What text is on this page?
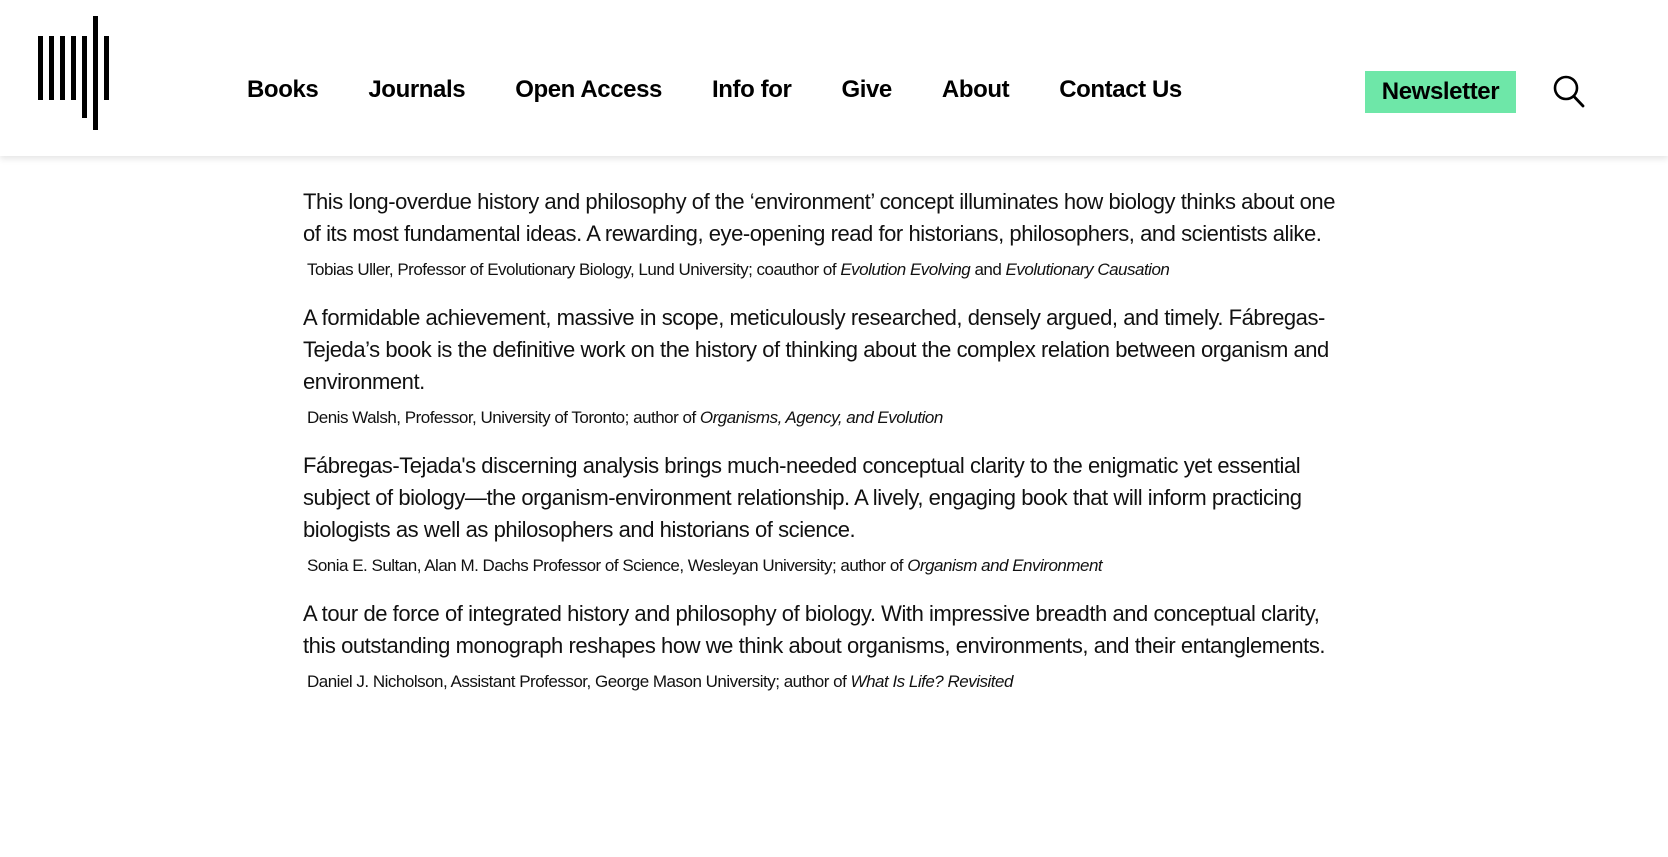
Books Journals Open Access Info for Give About Contact Us	Newsletter

This long-overdue history and philosophy of the ‘environment’ concept illuminates how biology thinks about one of its most fundamental ideas. A rewarding, eye-opening read for historians, philosophers, and scientists alike.

Tobias Uller, Professor of Evolutionary Biology, Lund University; coauthor of Evolution Evolving and Evolutionary Causation

A formidable achievement, massive in scope, meticulously researched, densely argued, and timely. Fábregas-Tejeda’s book is the definitive work on the history of thinking about the complex relation between organism and environment.

Denis Walsh, Professor, University of Toronto; author of Organisms, Agency, and Evolution

Fábregas-Tejada's discerning analysis brings much-needed conceptual clarity to the enigmatic yet essential subject of biology—the organism-environment relationship. A lively, engaging book that will inform practicing biologists as well as philosophers and historians of science.

Sonia E. Sultan, Alan M. Dachs Professor of Science, Wesleyan University; author of Organism and Environment

A tour de force of integrated history and philosophy of biology. With impressive breadth and conceptual clarity, this outstanding monograph reshapes how we think about organisms, environments, and their entanglements.

Daniel J. Nicholson, Assistant Professor, George Mason University; author of What Is Life? Revisited
